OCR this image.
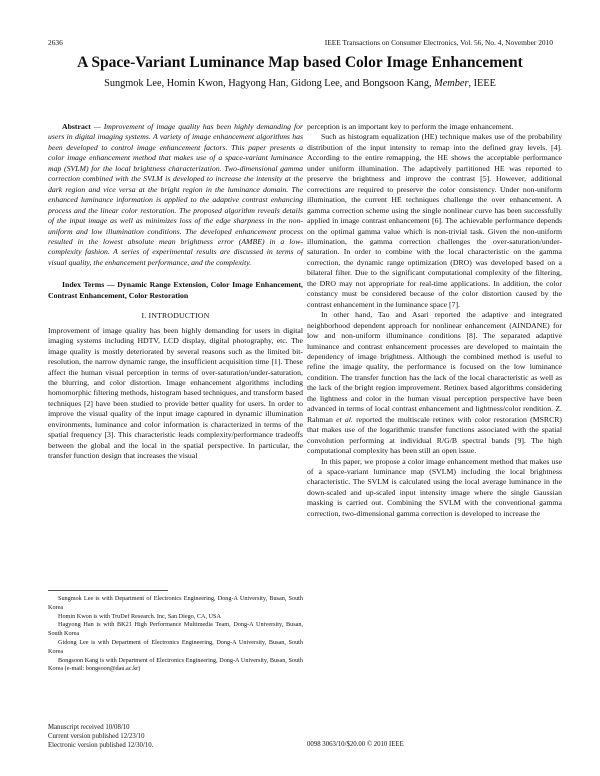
2636	IEEE Transactions on Consumer Electronics, Vol. 56, No. 4, November 2010
A Space-Variant Luminance Map based Color Image Enhancement
Sungmok Lee, Homin Kwon, Hagyong Han, Gidong Lee, and Bongsoon Kang, Member, IEEE

Abstract — Improvement of image quality has been highly demanding for users in digital imaging systems. A variety of image enhancement algorithms has been developed to control image enhancement factors. This paper presents a color image enhancement method that makes use of a space-variant luminance map (SVLM) for the local brightness characterization. Two-dimensional gamma correction combined with the SVLM is developed to increase the intensity at the dark region and vice versa at the bright region in the luminance domain. The enhanced luminance information is applied to the adaptive contrast enhancing process and the linear color restoration. The proposed algorithm reveals details of the input image as well as minimizes loss of the edge sharpness in the non-uniform and low illumination conditions. The developed enhancement process resulted in the lowest absolute mean brightness error (AMBE) in a low-complexity fashion. A series of experimental results are discussed in terms of visual quality, the enhancement performance, and the complexity.

Index Terms — Dynamic Range Extension, Color Image Enhancement, Contrast Enhancement, Color Restoration

I. INTRODUCTION

Improvement of image quality has been highly demanding for users in digital imaging systems including HDTV, LCD display, digital photography, etc. The image quality is mostly deteriorated by several reasons such as the limited bit-resolution, the narrow dynamic range, the insufficient acquisition time [1]. These affect the human visual perception in terms of over-saturation/under-saturation, the blurring, and color distortion. Image enhancement algorithms including homomorphic filtering methods, histogram based techniques, and transform based techniques [2] have been studied to provide better quality for users. In order to improve the visual quality of the input image captured in dynamic illumination environments, luminance and color information is characterized in terms of the spatial frequency [3]. This characteristic leads complexity/performance tradeoffs between the global and the local in the spatial perspective. In particular, the transfer function design that increases the visual

Sungmok Lee is with Department of Electronics Engineering, Dong-A University, Busan, South Korea

Homin Kwon is with TruDef Research. Inc, San Diego, CA, USA

Hagyong Han is with BK21 High Performance Multimedia Team, Dong-A University, Busan, South Korea

Gidong Lee is with Department of Electronics Engineering, Dong-A University, Busan, South Korea

Bongsoon Kang is with Department of Electronics Engineering, Dong-A University, Busan, South Korea (e-mail: bongsoon@dau.ac.kr)

Manuscript received 10/08/10
Current version published 12/23/10
Electronic version published 12/30/10.	0098 3063/10/$20.00 © 2010 IEEE

perception is an important key to perform the image enhancement.

Such as histogram equalization (HE) technique makes use of the probability distribution of the input intensity to remap into the defined gray levels. [4]. According to the entire remapping, the HE shows the acceptable performance under uniform illumination. The adaptively partitioned HE was reported to preserve the brightness and improve the contrast [5]. However, additional corrections are required to preserve the color consistency. Under non-uniform illumination, the current HE techniques challenge the over enhancement. A gamma correction scheme using the single nonlinear curve has been successfully applied in image contrast enhancement [6]. The achievable performance depends on the optimal gamma value which is non-trivial task. Given the non-uniform illumination, the gamma correction challenges the over-saturation/under-saturation. In order to combine with the local characteristic on the gamma correction, the dynamic range optimization (DRO) was developed based on a bilateral filter. Due to the significant computational complexity of the filtering, the DRO may not appropriate for real-time applications. In addition, the color constancy must be considered because of the color distortion caused by the contrast enhancement in the luminance space [7].

In other hand, Tao and Asari reported the adaptive and integrated neighborhood dependent approach for nonlinear enhancement (AINDANE) for low and non-uniform illuminance conditions [8]. The separated adaptive luminance and contrast enhancement processes are developed to maintain the dependency of image brightness. Although the combined method is useful to refine the image quality, the performance is focused on the low luminance condition. The transfer function has the lack of the local characteristic as well as the lack of the bright region improvement. Retinex based algorithms considering the lightness and color in the human visual perception perspective have been advanced in terms of local contrast enhancement and lightness/color rendition. Z. Rahman et al. reported the multiscale retinex with color restoration (MSRCR) that makes use of the logarithmic transfer functions associated with the spatial convolution performing at individual R/G/B spectral bands [9]. The high computational complexity has been still an open issue.

In this paper, we propose a color image enhancement method that makes use of a space-variant luminance map (SVLM) including the local brightness characteristic. The SVLM is calculated using the local average luminance in the down-scaled and up-scaled input intensity image where the single Gaussian masking is carried out. Combining the SVLM with the conventional gamma correction, two-dimensional gamma correction is developed to increase the
